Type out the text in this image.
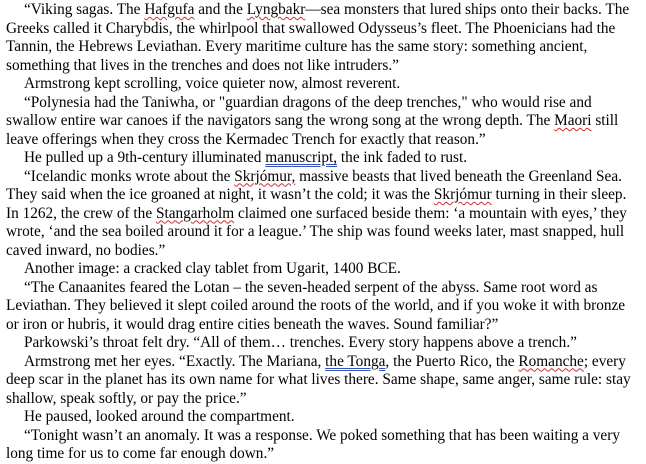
“Viking sagas. The Hafgufa and the Lyngbakr—sea monsters that lured ships onto their backs. The Greeks called it Charybdis, the whirlpool that swallowed Odysseus’s fleet. The Phoenicians had the Tannin, the Hebrews Leviathan. Every maritime culture has the same story: something ancient, something that lives in the trenches and does not like intruders.”

Armstrong kept scrolling, voice quieter now, almost reverent.

“Polynesia had the Taniwha, or "guardian dragons of the deep trenches," who would rise and swallow entire war canoes if the navigators sang the wrong song at the wrong depth. The Maori still leave offerings when they cross the Kermadec Trench for exactly that reason.”

He pulled up a 9th-century illuminated manuscript, the ink faded to rust.

“Icelandic monks wrote about the Skrjómur, massive beasts that lived beneath the Greenland Sea. They said when the ice groaned at night, it wasn’t the cold; it was the Skrjómur turning in their sleep. In 1262, the crew of the Stangarholm claimed one surfaced beside them: ‘a mountain with eyes,’ they wrote, ‘and the sea boiled around it for a league.’ The ship was found weeks later, mast snapped, hull caved inward, no bodies.”

Another image: a cracked clay tablet from Ugarit, 1400 BCE.

“The Canaanites feared the Lotan – the seven-headed serpent of the abyss. Same root word as Leviathan. They believed it slept coiled around the roots of the world, and if you woke it with bronze or iron or hubris, it would drag entire cities beneath the waves. Sound familiar?”

Parkowski’s throat felt dry. “All of them… trenches. Every story happens above a trench.”

Armstrong met her eyes. “Exactly. The Mariana, the Tonga, the Puerto Rico, the Romanche; every deep scar in the planet has its own name for what lives there. Same shape, same anger, same rule: stay shallow, speak softly, or pay the price.”

He paused, looked around the compartment.

“Tonight wasn’t an anomaly. It was a response. We poked something that has been waiting a very long time for us to come far enough down.”
